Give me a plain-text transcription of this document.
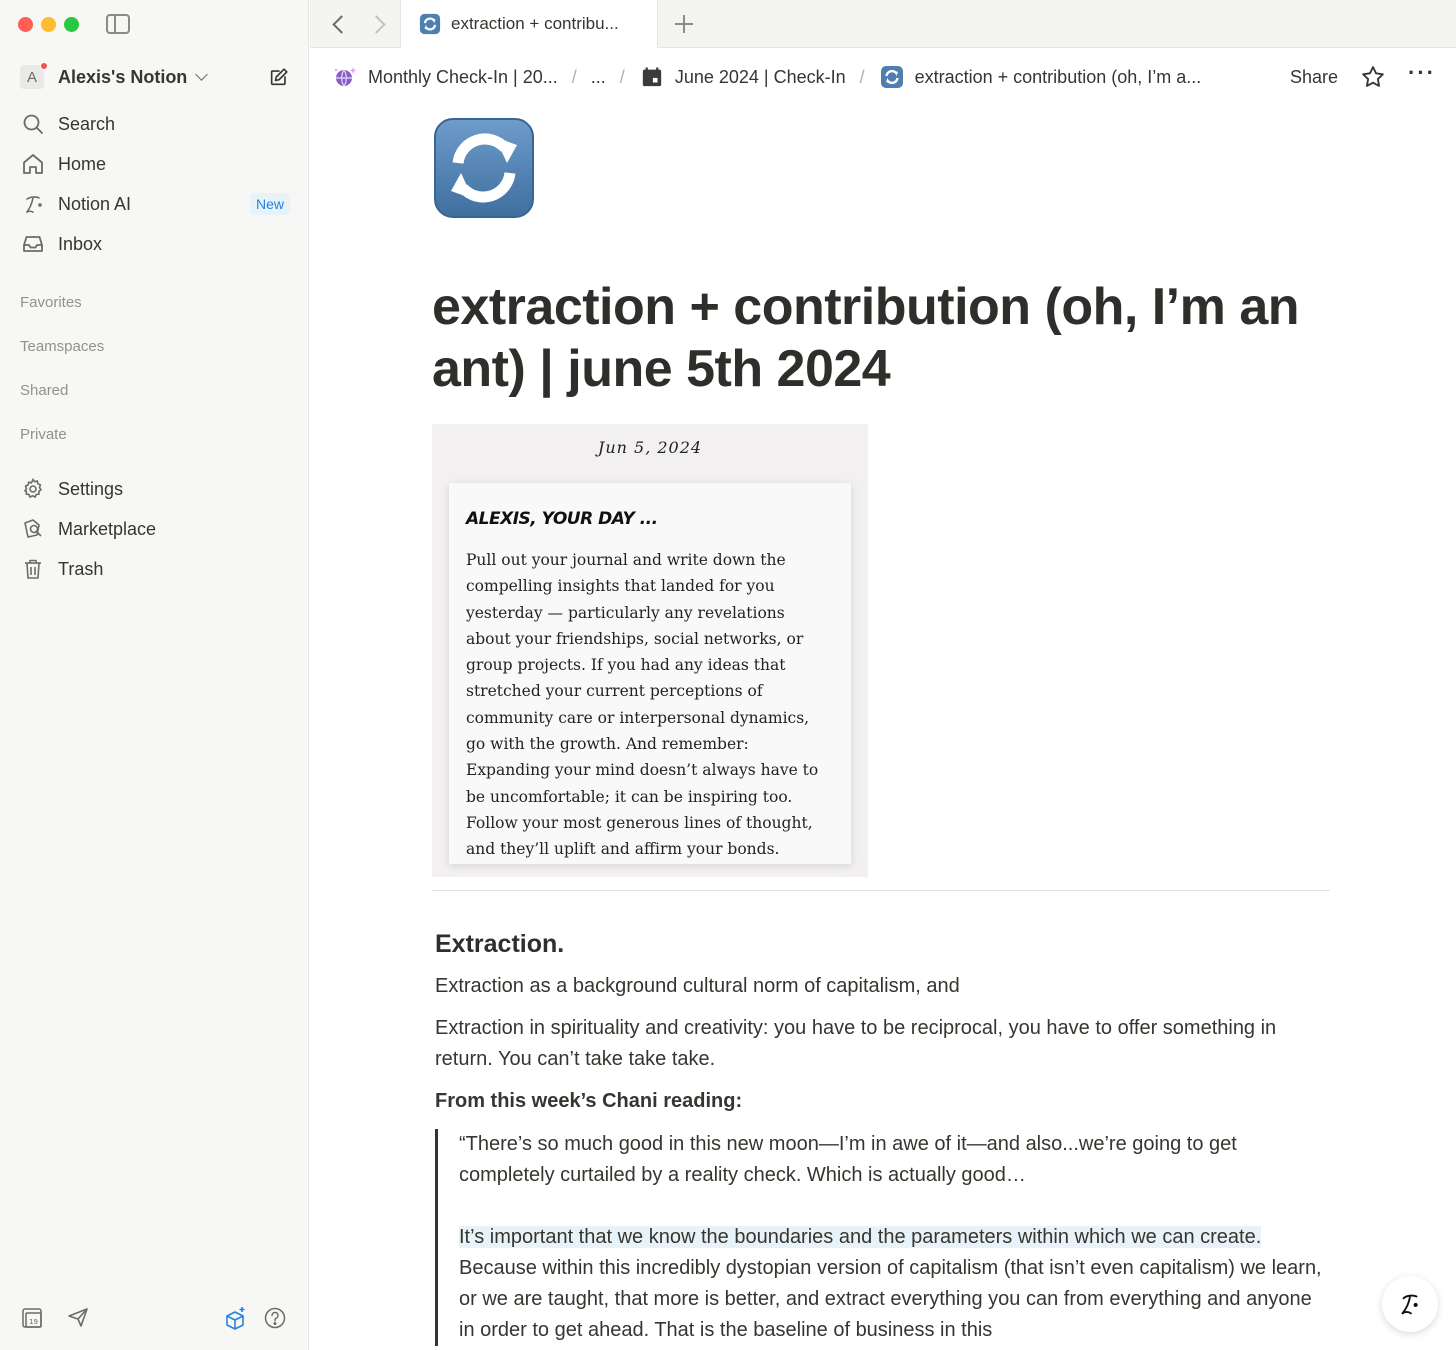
A Alexis's Notion
Search
Home
Notion AI	New
Inbox
Favorites
Teamspaces
Shared
Private
Settings
Marketplace
Trash
19
extraction + contribu...
Monthly Check-In | 20... / ... /	June 2024 | Check-In /	extraction + contribution (oh, I’m a...	Share	···
extraction + contribution (oh, I’m an ant) | june 5th 2024
Jun 5, 2024
ALEXIS, YOUR DAY ...
Pull out your journal and write down the compelling insights that landed for you yesterday — particularly any revelations about your friendships, social networks, or group projects. If you had any ideas that stretched your current perceptions of community care or interpersonal dynamics, go with the growth. And remember: Expanding your mind doesn’t always have to be uncomfortable; it can be inspiring too. Follow your most generous lines of thought, and they’ll uplift and affirm your bonds.
Extraction.

Extraction as a background cultural norm of capitalism, and

Extraction in spirituality and creativity: you have to be reciprocal, you have to offer something in return. You can’t take take take.

From this week’s Chani reading:

“There’s so much good in this new moon—I’m in awe of it—and also...we’re going to get completely curtailed by a reality check. Which is actually good…

It’s important that we know the boundaries and the parameters within which we can create. Because within this incredibly dystopian version of capitalism (that isn’t even capitalism) we learn, or we are taught, that more is better, and extract everything you can from everything and anyone in order to get ahead. That is the baseline of business in this
